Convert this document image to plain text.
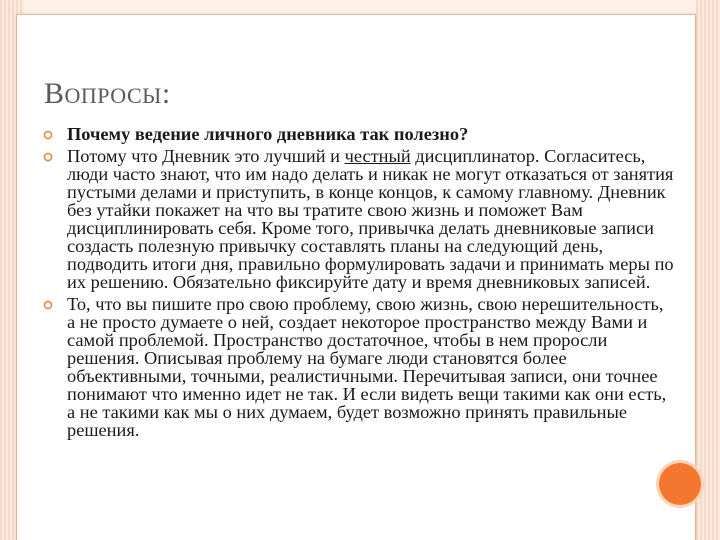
ВОПРОСЫ:
Почему ведение личного дневника так полезно?
Потому что Дневник это лучший и честный дисциплинатор. Согласитесь, люди часто знают, что им надо делать и никак не могут отказаться от занятия пустыми делами и приступить, в конце концов, к самому главному. Дневник без утайки покажет на что вы тратите свою жизнь и поможет Вам дисциплинировать себя. Кроме того, привычка делать дневниковые записи создасть полезную привычку составлять планы на следующий день, подводить итоги дня, правильно формулировать задачи и принимать меры по их решению. Обязательно фиксируйте дату и время дневниковых записей.
То, что вы пишите про свою проблему, свою жизнь, свою нерешительность, а не просто думаете о ней, создает некоторое пространство между Вами и самой проблемой. Пространство достаточное, чтобы в нем проросли решения. Описывая проблему на бумаге люди становятся более объективными, точными, реалистичными. Перечитывая записи, они точнее понимают что именно идет не так. И если видеть вещи такими как они есть, а не такими как мы о них думаем, будет возможно принять правильные решения.
